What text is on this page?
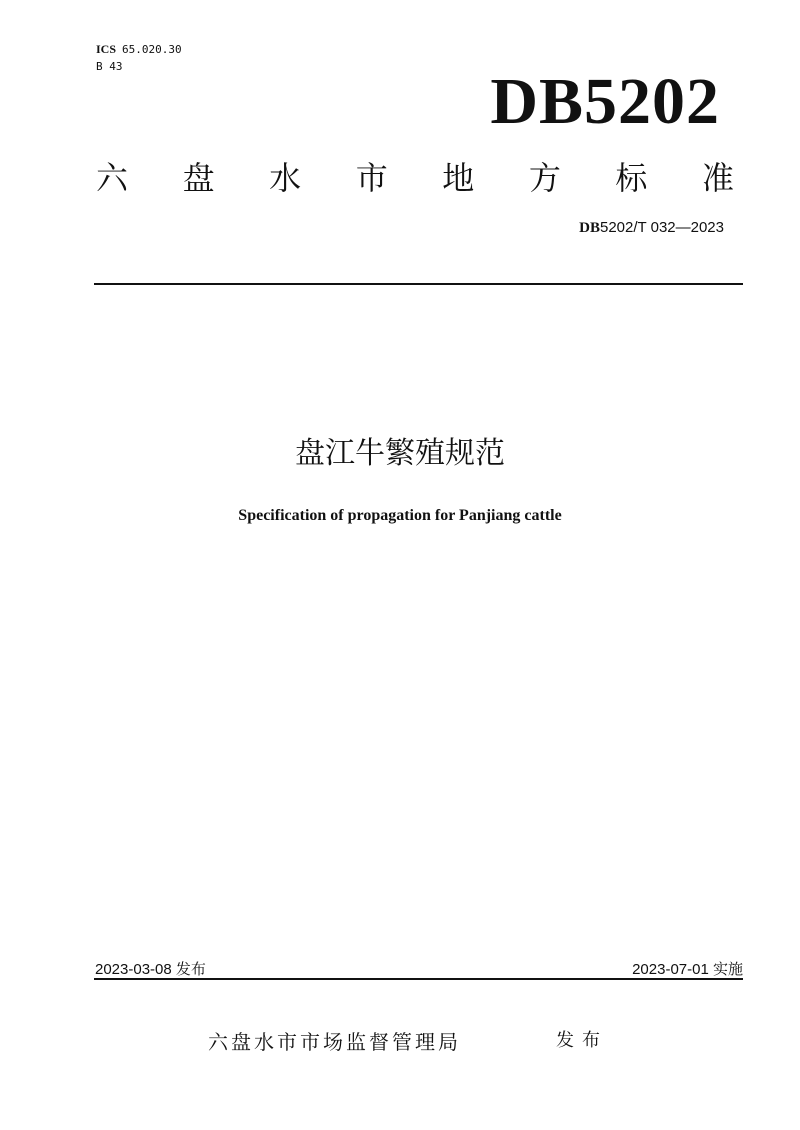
ICS 65.020.30
B 43	DB5202
六 盘 水 市 地 方 标 准
DB5202/T 032—2023
盘江牛繁殖规范
Specification of propagation for Panjiang cattle
2023-03-08 发布	2023-07-01 实施
六盘水市市场监督管理局	发布
